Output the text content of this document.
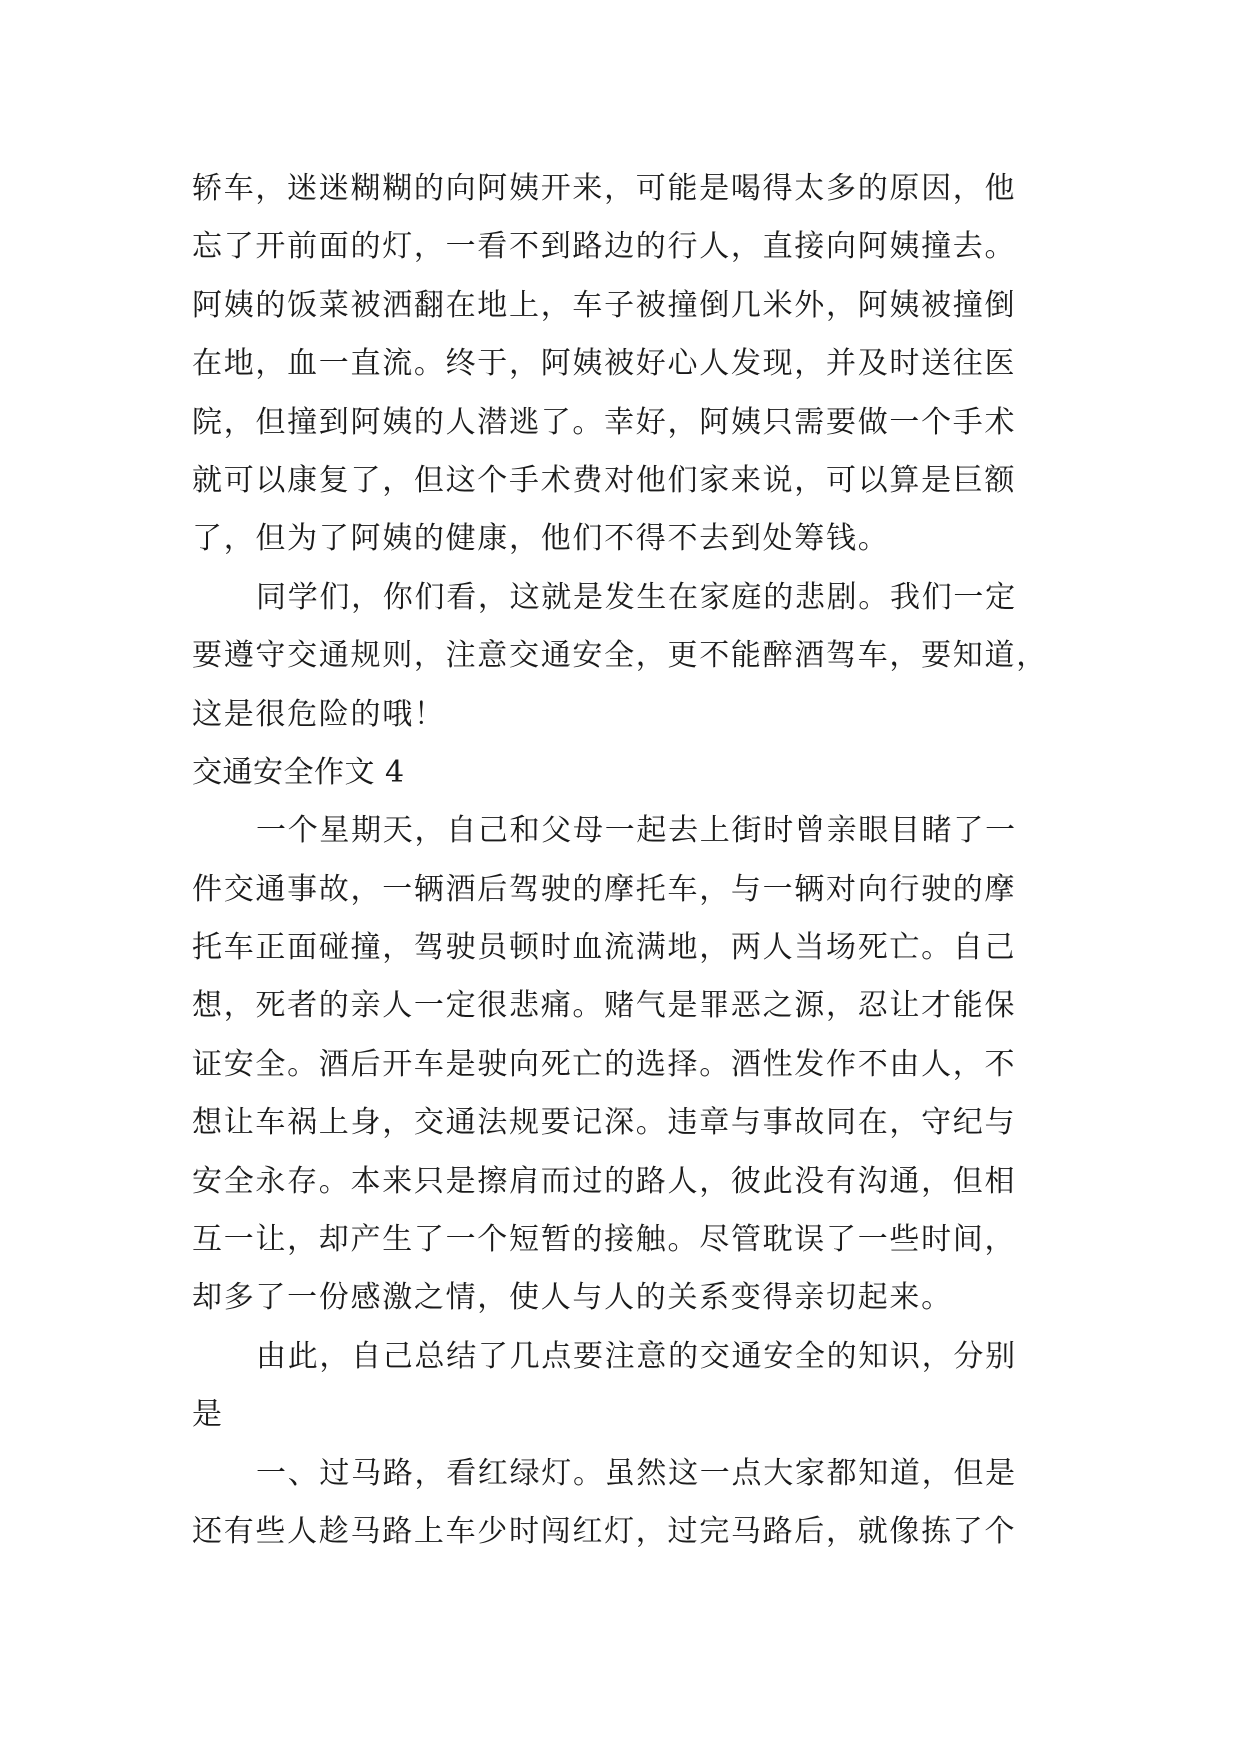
轿车，迷迷糊糊的向阿姨开来，可能是喝得太多的原因，他
忘了开前面的灯，一看不到路边的行人，直接向阿姨撞去。
阿姨的饭菜被洒翻在地上，车子被撞倒几米外，阿姨被撞倒
在地，血一直流。终于，阿姨被好心人发现，并及时送往医
院，但撞到阿姨的人潜逃了。幸好，阿姨只需要做一个手术
就可以康复了，但这个手术费对他们家来说，可以算是巨额
了，但为了阿姨的健康，他们不得不去到处筹钱。
同学们，你们看，这就是发生在家庭的悲剧。我们一定
要遵守交通规则，注意交通安全，更不能醉酒驾车，要知道，
这是很危险的哦！
交通安全作文 4
一个星期天，自己和父母一起去上街时曾亲眼目睹了一
件交通事故，一辆酒后驾驶的摩托车，与一辆对向行驶的摩
托车正面碰撞，驾驶员顿时血流满地，两人当场死亡。自己
想，死者的亲人一定很悲痛。赌气是罪恶之源，忍让才能保
证安全。酒后开车是驶向死亡的选择。酒性发作不由人，不
想让车祸上身，交通法规要记深。违章与事故同在，守纪与
安全永存。本来只是擦肩而过的路人，彼此没有沟通，但相
互一让，却产生了一个短暂的接触。尽管耽误了一些时间，
却多了一份感激之情，使人与人的关系变得亲切起来。
由此，自己总结了几点要注意的交通安全的知识，分别
是
一、过马路，看红绿灯。虽然这一点大家都知道，但是
还有些人趁马路上车少时闯红灯，过完马路后，就像拣了个
